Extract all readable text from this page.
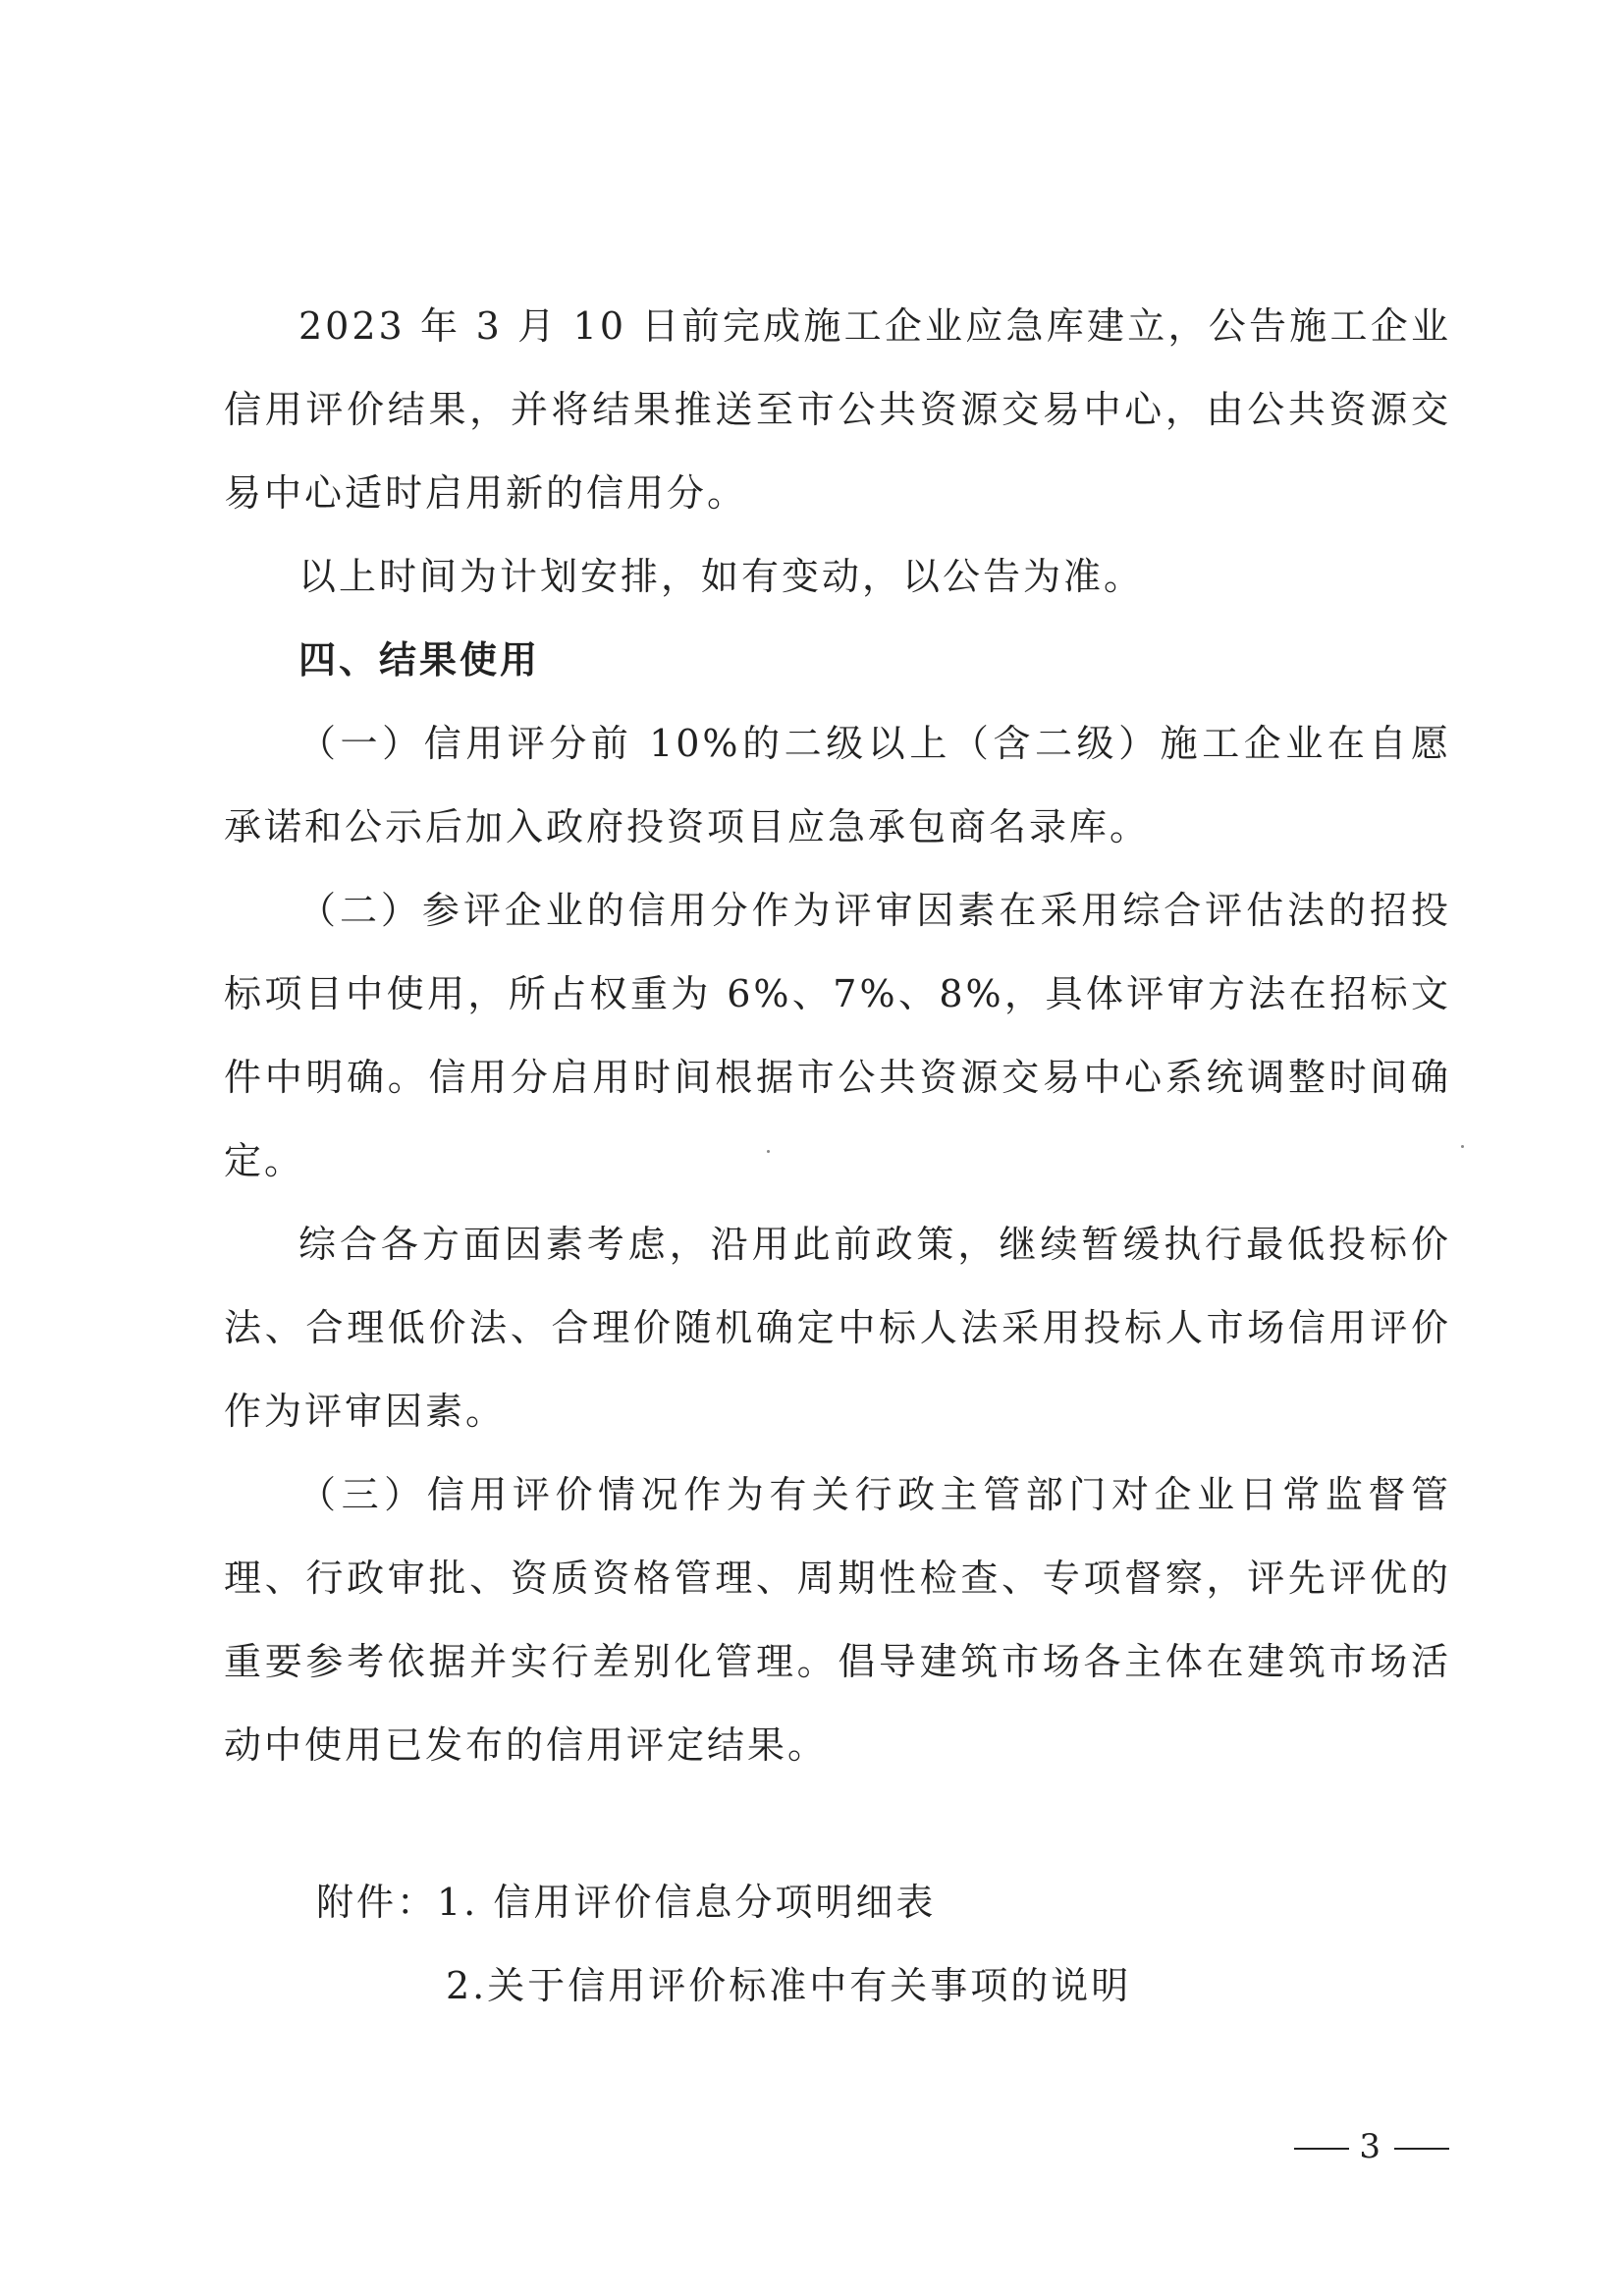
2023 年 3 月 10 日前完成施工企业应急库建立，公告施工企业信用评价结果，并将结果推送至市公共资源交易中心，由公共资源交易中心适时启用新的信用分。

以上时间为计划安排，如有变动，以公告为准。

四、结果使用

（一）信用评分前 10%的二级以上（含二级）施工企业在自愿承诺和公示后加入政府投资项目应急承包商名录库。

（二）参评企业的信用分作为评审因素在采用综合评估法的招投标项目中使用，所占权重为 6%、7%、8%，具体评审方法在招标文件中明确。信用分启用时间根据市公共资源交易中心系统调整时间确定。

综合各方面因素考虑，沿用此前政策，继续暂缓执行最低投标价法、合理低价法、合理价随机确定中标人法采用投标人市场信用评价作为评审因素。

（三）信用评价情况作为有关行政主管部门对企业日常监督管理、行政审批、资质资格管理、周期性检查、专项督察，评先评优的重要参考依据并实行差别化管理。倡导建筑市场各主体在建筑市场活动中使用已发布的信用评定结果。

附件：1. 信用评价信息分项明细表
2.关于信用评价标准中有关事项的说明
3
